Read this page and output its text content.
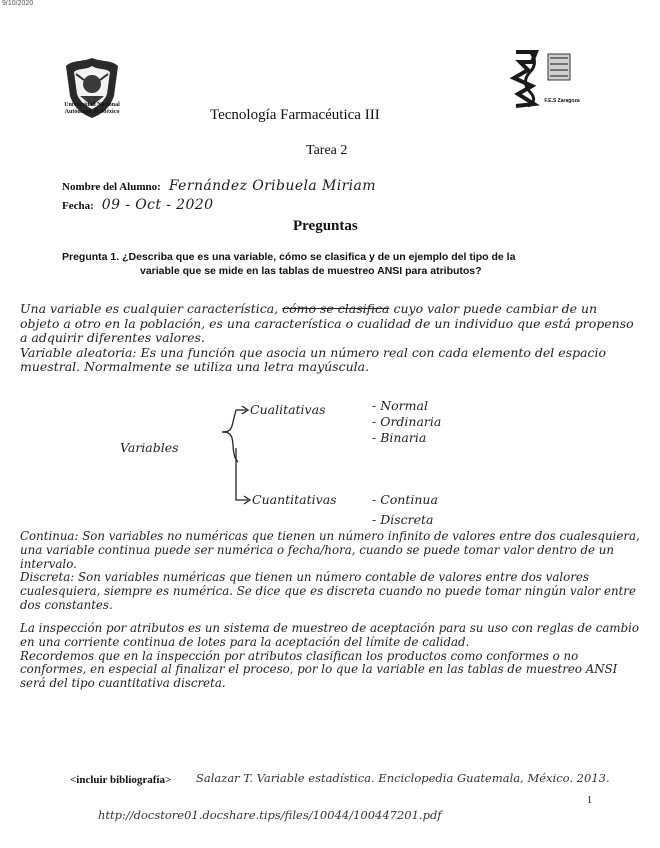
9/10/2020
Universidad Nacional Autónoma de México
F.E.S Zaragoza
Tecnología Farmacéutica III
Tarea 2
Nombre del Alumno: Fernández Oribuela Miriam
Fecha: 09 - Oct - 2020
Preguntas
Pregunta 1. ¿Describa que es una variable, cómo se clasifica y de un ejemplo del tipo de la
variable que se mide en las tablas de muestreo ANSI para atributos?

Una variable es cualquier característica, cómo se clasifica cuyo valor puede cambiar de un objeto a otro en la población, es una característica o cualidad de un individuo que está propenso a adquirir diferentes valores.

Variable aleatoria: Es una función que asocia un número real con cada elemento del espacio muestral. Normalmente se utiliza una letra mayúscula.

Variables
Cualitativas
Cuantitativas
- Normal
- Ordinaria
- Binaria
- Continua
- Discreta

Continua: Son variables no numéricas que tienen un número infinito de valores entre dos cualesquiera, una variable continua puede ser numérica o fecha/hora, cuando se puede tomar valor dentro de un intervalo.

Discreta: Son variables numéricas que tienen un número contable de valores entre dos valores cualesquiera, siempre es numérica. Se dice que es discreta cuando no puede tomar ningún valor entre dos constantes.

La inspección por atributos es un sistema de muestreo de aceptación para su uso con reglas de cambio en una corriente continua de lotes para la aceptación del límite de calidad.

Recordemos que en la inspección por atributos clasifican los productos como conformes o no conformes, en especial al finalizar el proceso, por lo que la variable en las tablas de muestreo ANSI será del tipo cuantitativa discreta.

<incluir bibliografía> Salazar T. Variable estadística. Enciclopedia Guatemala, México. 2013.
http://docstore01.docshare.tips/files/10044/100447201.pdf
1
